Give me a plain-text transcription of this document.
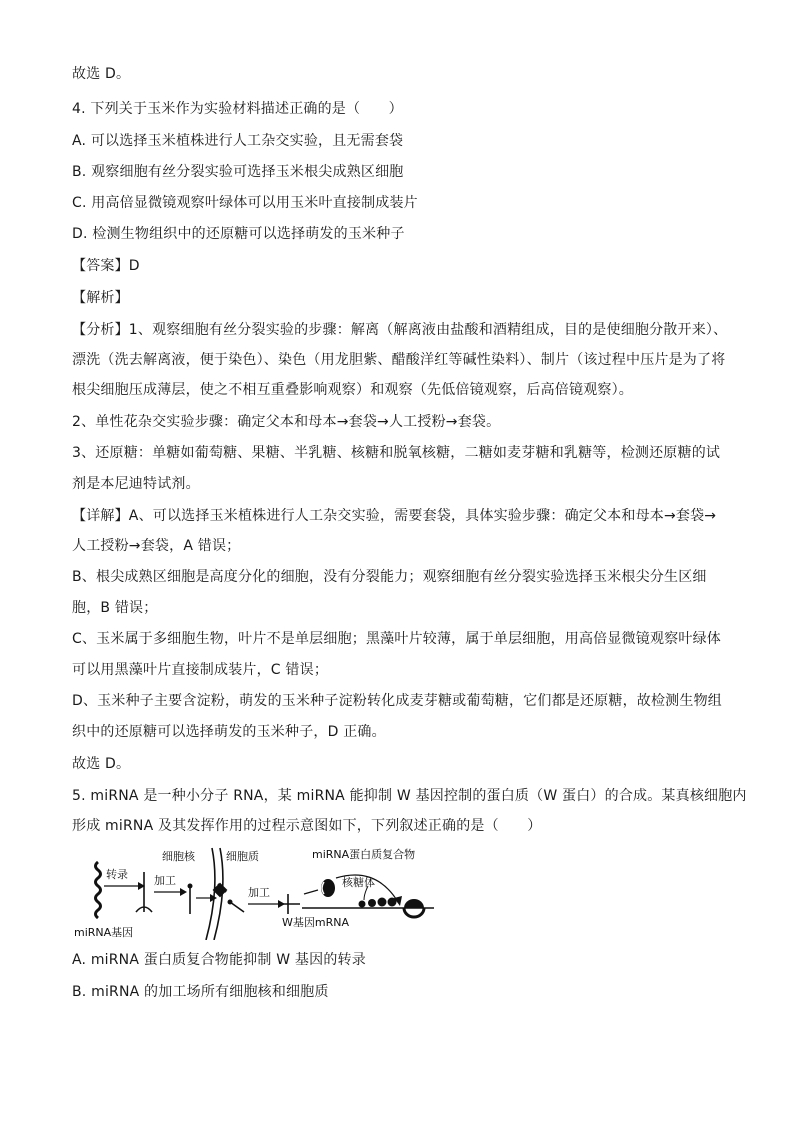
故选 D。
4. 下列关于玉米作为实验材料描述正确的是（　　）
A. 可以选择玉米植株进行人工杂交实验，且无需套袋
B. 观察细胞有丝分裂实验可选择玉米根尖成熟区细胞
C. 用高倍显微镜观察叶绿体可以用玉米叶直接制成装片
D. 检测生物组织中的还原糖可以选择萌发的玉米种子
【答案】D
【解析】
【分析】1、观察细胞有丝分裂实验的步骤：解离（解离液由盐酸和酒精组成，目的是使细胞分散开来）、
漂洗（洗去解离液，便于染色）、染色（用龙胆紫、醋酸洋红等碱性染料）、制片（该过程中压片是为了将
根尖细胞压成薄层，使之不相互重叠影响观察）和观察（先低倍镜观察，后高倍镜观察）。
2、单性花杂交实验步骤：确定父本和母本→套袋→人工授粉→套袋。
3、还原糖：单糖如葡萄糖、果糖、半乳糖、核糖和脱氧核糖，二糖如麦芽糖和乳糖等，检测还原糖的试
剂是本尼迪特试剂。
【详解】A、可以选择玉米植株进行人工杂交实验，需要套袋，具体实验步骤：确定父本和母本→套袋→
人工授粉→套袋，A 错误；
B、根尖成熟区细胞是高度分化的细胞，没有分裂能力；观察细胞有丝分裂实验选择玉米根尖分生区细
胞，B 错误；
C、玉米属于多细胞生物，叶片不是单层细胞；黑藻叶片较薄，属于单层细胞，用高倍显微镜观察叶绿体
可以用黑藻叶片直接制成装片，C 错误；
D、玉米种子主要含淀粉，萌发的玉米种子淀粉转化成麦芽糖或葡萄糖，它们都是还原糖，故检测生物组
织中的还原糖可以选择萌发的玉米种子，D 正确。
故选 D。
5. miRNA 是一种小分子 RNA，某 miRNA 能抑制 W 基因控制的蛋白质（W 蛋白）的合成。某真核细胞内
形成 miRNA 及其发挥作用的过程示意图如下，下列叙述正确的是（　　）
细胞核	细胞质	miRNA蛋白质复合物
转录 加工
加工
核糖体
W基因mRNA
miRNA基因
A. miRNA 蛋白质复合物能抑制 W 基因的转录
B. miRNA 的加工场所有细胞核和细胞质
